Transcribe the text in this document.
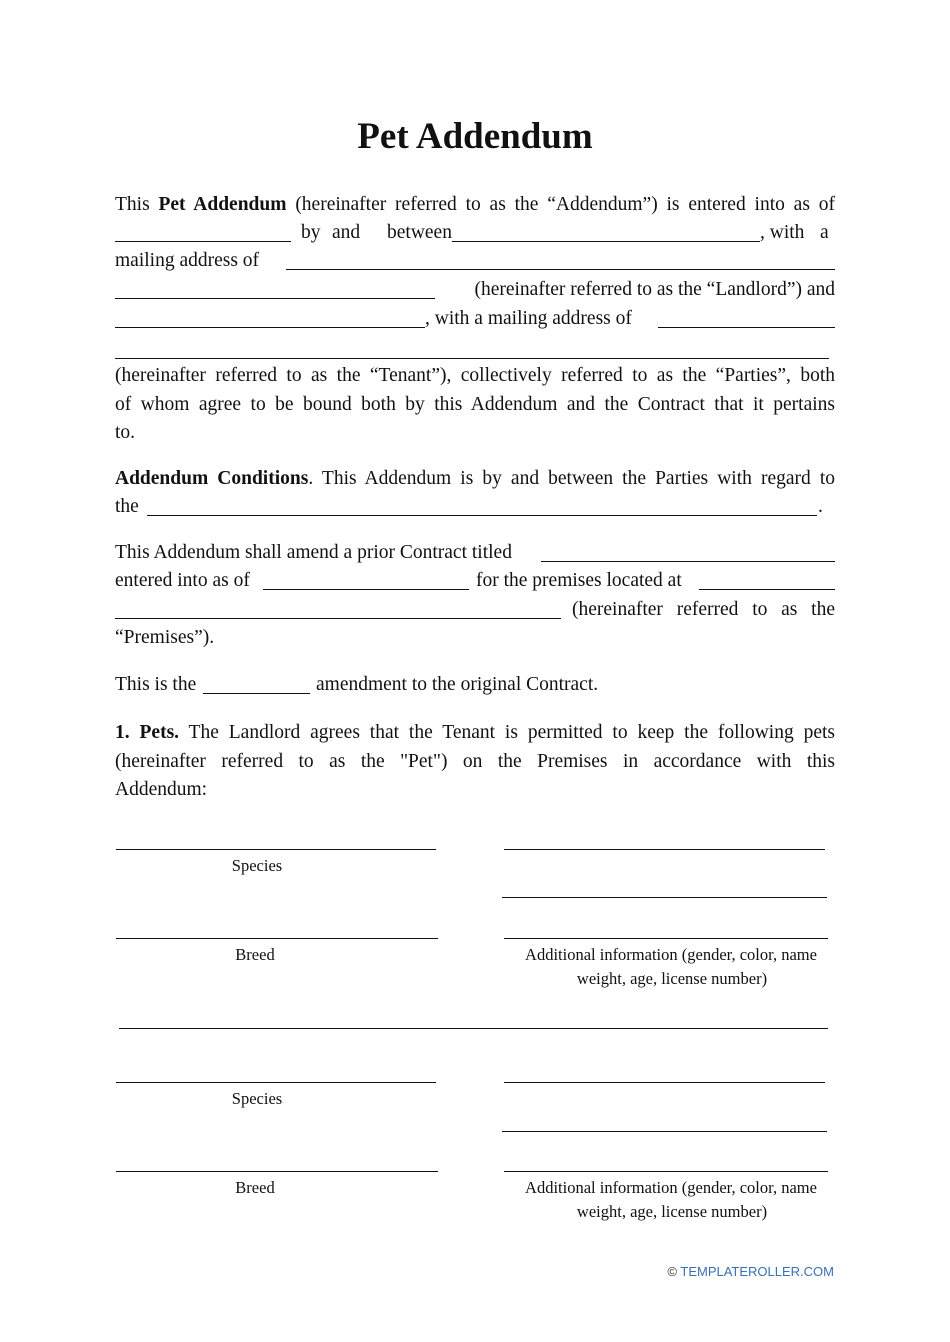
Pet Addendum
This Pet Addendum (hereinafter referred to as the “Addendum”) is entered into as of
by and between	, with a
mailing address of
(hereinafter referred to as the “Landlord”) and
, with a mailing address of
(hereinafter referred to as the “Tenant”), collectively referred to as the “Parties”, both
of whom agree to be bound both by this Addendum and the Contract that it pertains
to.
Addendum Conditions. This Addendum is by and between the Parties with regard to
the	.
This Addendum shall amend a prior Contract titled
entered into as of	for the premises located at
(hereinafter referred to as the
“Premises”).
This is the	amendment to the original Contract.
1. Pets. The Landlord agrees that the Tenant is permitted to keep the following pets
(hereinafter referred to as the "Pet") on the Premises in accordance with this
Addendum:
Species
Breed	Additional information (gender, color, name
weight, age, license number)
Species
Breed	Additional information (gender, color, name
weight, age, license number)
© TEMPLATEROLLER.COM
